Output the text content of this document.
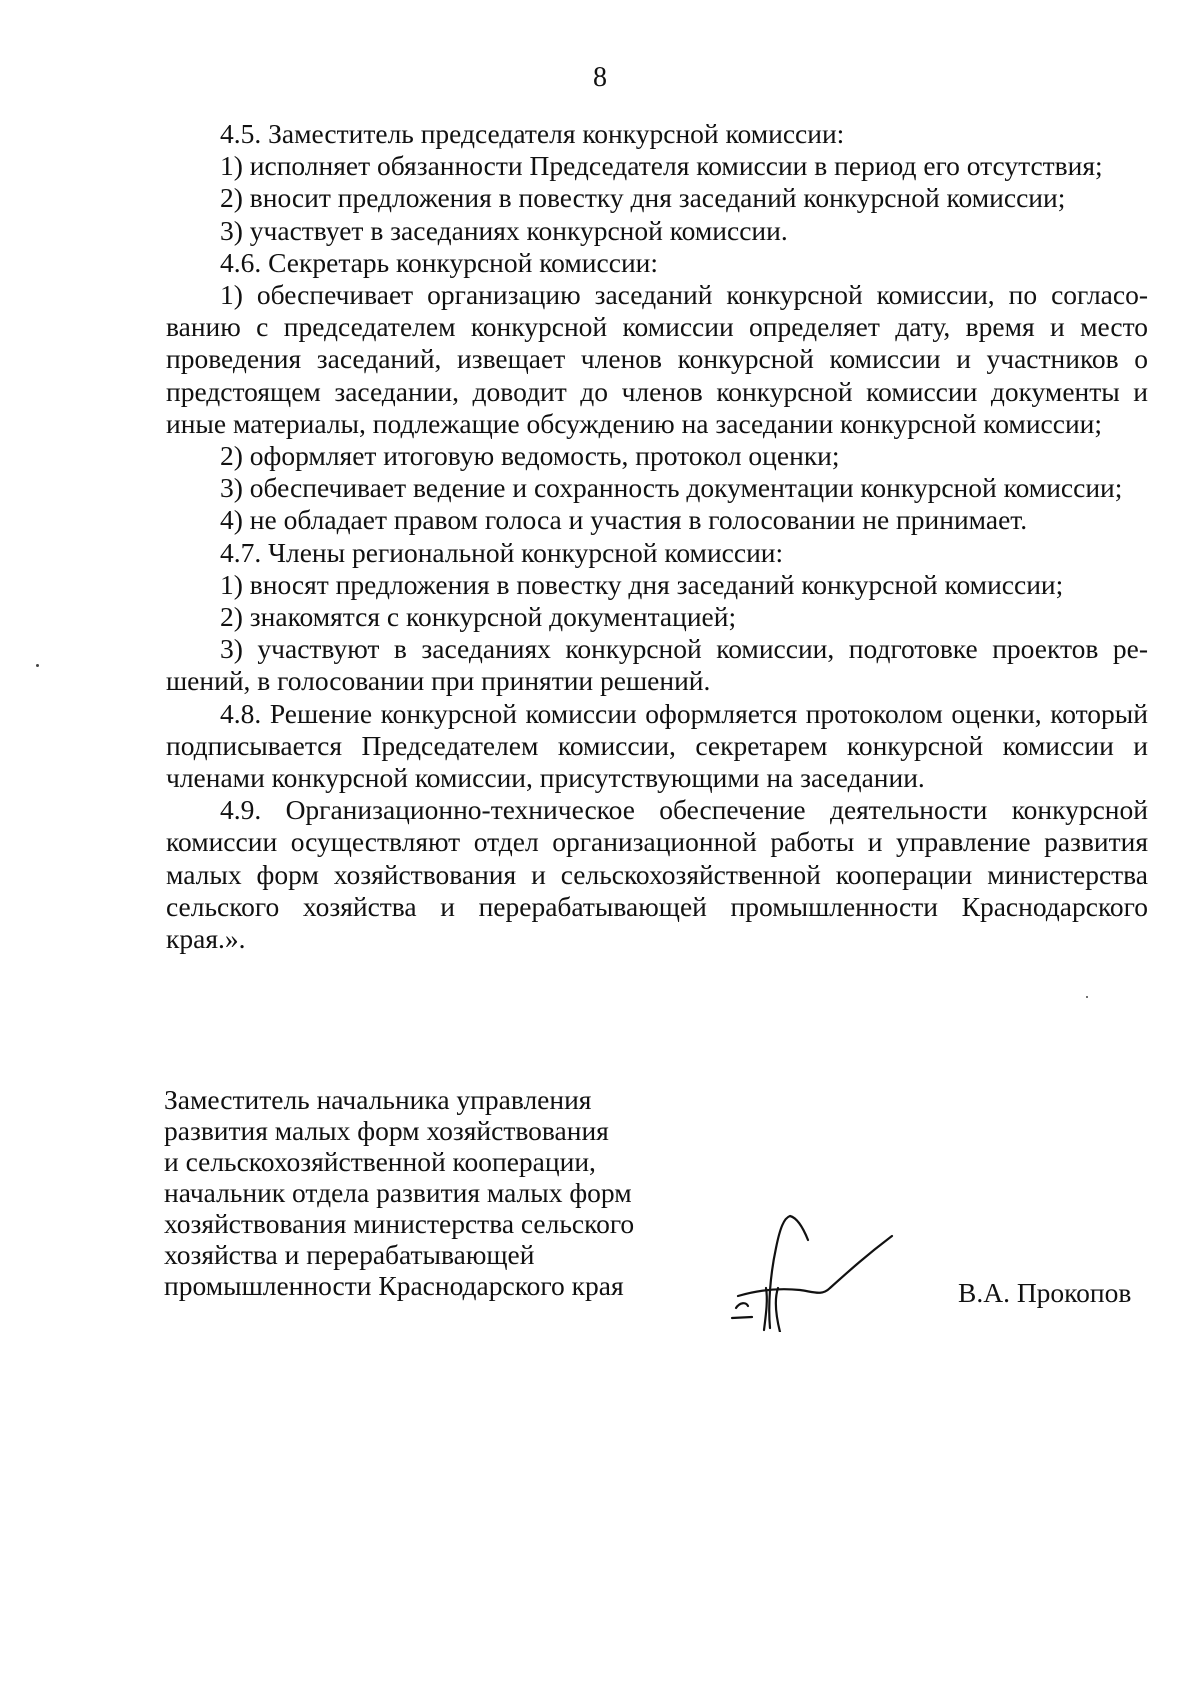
8

4.5. Заместитель председателя конкурсной комиссии:

1) исполняет обязанности Председателя комиссии в период его отсутствия;

2) вносит предложения в повестку дня заседаний конкурсной комиссии;

3) участвует в заседаниях конкурсной комиссии.

4.6. Секретарь конкурсной комиссии:

1) обеспечивает организацию заседаний конкурсной комиссии, по согласованию с председателем конкурсной комиссии определяет дату, время и место проведения заседаний, извещает членов конкурсной комиссии и участников о предстоящем заседании, доводит до членов конкурсной комиссии документы и иные материалы, подлежащие обсуждению на заседании конкурсной комиссии;

2) оформляет итоговую ведомость, протокол оценки;

3) обеспечивает ведение и сохранность документации конкурсной комиссии;

4) не обладает правом голоса и участия в голосовании не принимает.

4.7. Члены региональной конкурсной комиссии:

1) вносят предложения в повестку дня заседаний конкурсной комиссии;

2) знакомятся с конкурсной документацией;

3) участвуют в заседаниях конкурсной комиссии, подготовке проектов решений, в голосовании при принятии решений.

4.8. Решение конкурсной комиссии оформляется протоколом оценки, который подписывается Председателем комиссии, секретарем конкурсной комиссии и членами конкурсной комиссии, присутствующими на заседании.

4.9. Организационно-техническое обеспечение деятельности конкурсной комиссии осуществляют отдел организационной работы и управление развития малых форм хозяйствования и сельскохозяйственной кооперации министерства сельского хозяйства и перерабатывающей промышленности Краснодарского края.».

Заместитель начальника управления
развития малых форм хозяйствования
и сельскохозяйственной кооперации,
начальник отдела развития малых форм
хозяйствования министерства сельского
хозяйства и перерабатывающей
промышленности Краснодарского края	В.А. Прокопов
